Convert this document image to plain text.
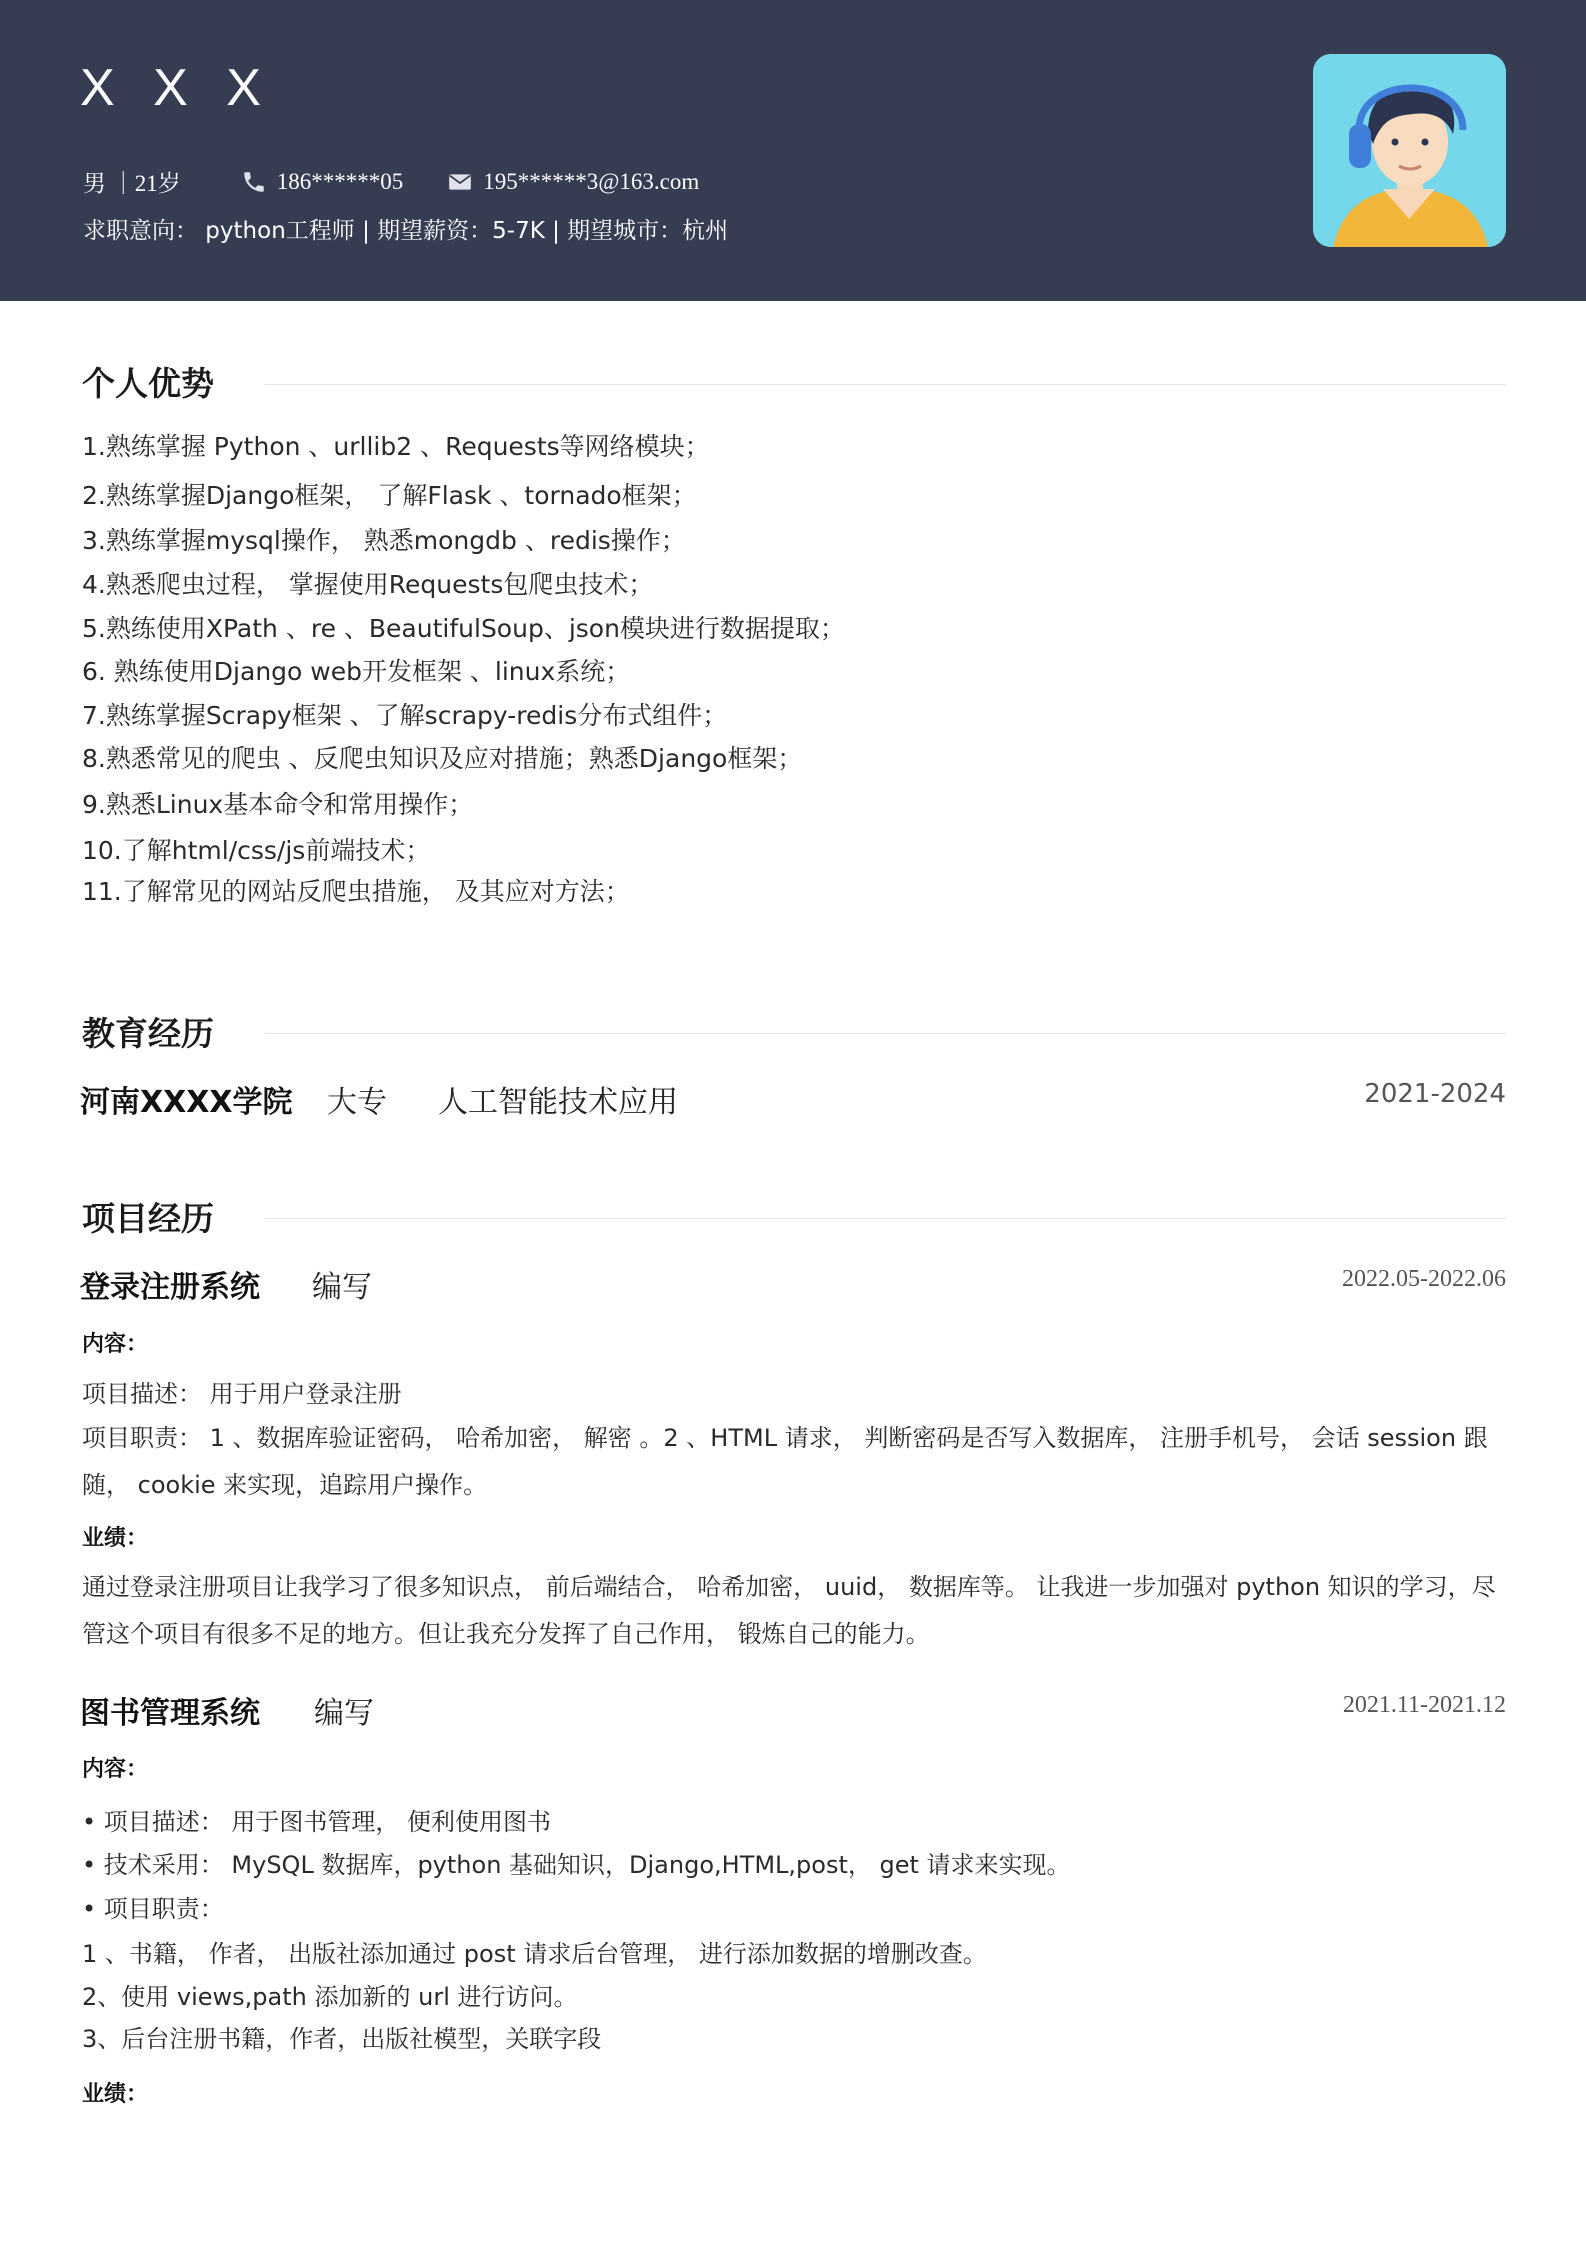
X X X
男 ｜21岁	186******05	195******3@163.com
求职意向： python工程师 | 期望薪资：5-7K | 期望城市：杭州
个人优势
1.熟练掌握 Python 、urllib2 、Requests等网络模块；
2.熟练掌握Django框架， 了解Flask 、tornado框架；
3.熟练掌握mysql操作， 熟悉mongdb 、redis操作；
4.熟悉爬虫过程， 掌握使用Requests包爬虫技术；
5.熟练使用XPath 、re 、BeautifulSoup、json模块进行数据提取；
6. 熟练使用Django web开发框架 、linux系统；
7.熟练掌握Scrapy框架 、了解scrapy-redis分布式组件；
8.熟悉常见的爬虫 、反爬虫知识及应对措施；熟悉Django框架；
9.熟悉Linux基本命令和常用操作；
10.了解html/css/js前端技术；
11.了解常见的网站反爬虫措施， 及其应对方法；
教育经历
河南XXXX学院 大专 人工智能技术应用	2021-2024
项目经历
登录注册系统 编写	2022.05-2022.06
内容：
项目描述： 用于用户登录注册
项目职责： 1 、数据库验证密码， 哈希加密， 解密 。2 、HTML 请求， 判断密码是否写入数据库， 注册手机号， 会话 session 跟随， cookie 来实现，追踪用户操作。
业绩：
通过登录注册项目让我学习了很多知识点， 前后端结合， 哈希加密， uuid， 数据库等。 让我进一步加强对 python 知识的学习，尽管这个项目有很多不足的地方。但让我充分发挥了自己作用， 锻炼自己的能力。
图书管理系统 编写	2021.11-2021.12
内容：
• 项目描述： 用于图书管理， 便利使用图书
• 技术采用： MySQL 数据库，python 基础知识，Django,HTML,post， get 请求来实现。
• 项目职责：
1 、书籍， 作者， 出版社添加通过 post 请求后台管理， 进行添加数据的增删改查。
2、使用 views,path 添加新的 url 进行访问。
3、后台注册书籍，作者，出版社模型，关联字段
业绩：
